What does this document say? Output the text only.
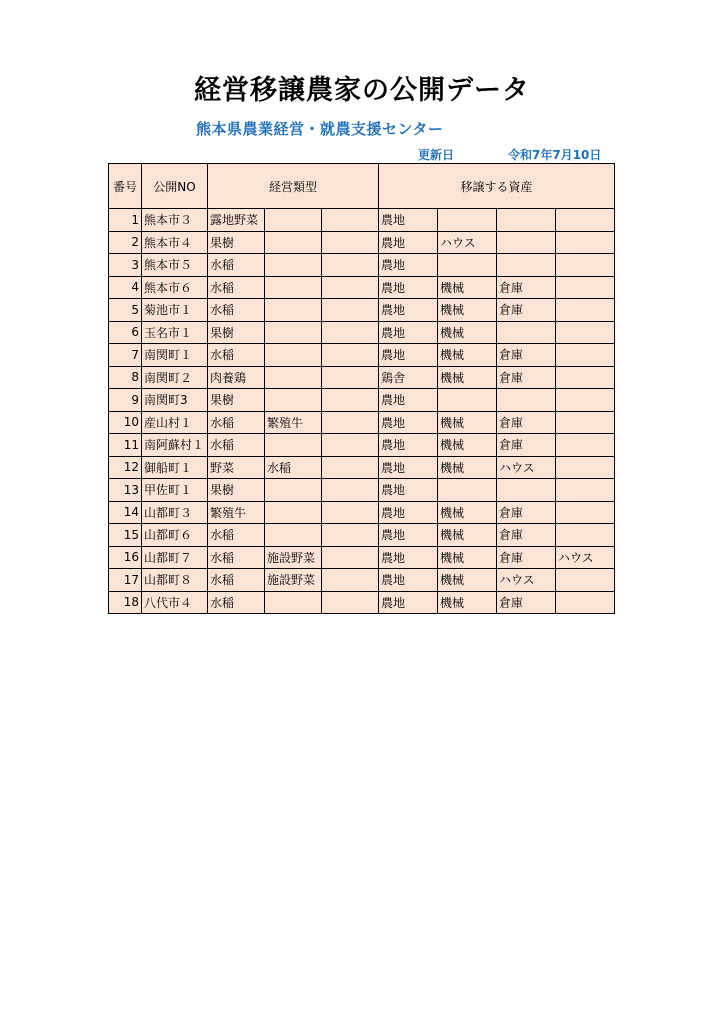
経営移譲農家の公開データ
熊本県農業経営・就農支援センター
更新日	令和7年7月10日
番号	公開NO	経営類型			移譲する資産			
1	熊本市３	露地野菜			農地			
2	熊本市４	果樹			農地	ハウス		
3	熊本市５	水稲			農地			
4	熊本市６	水稲			農地	機械	倉庫	
5	菊池市１	水稲			農地	機械	倉庫	
6	玉名市１	果樹			農地	機械		
7	南関町１	水稲			農地	機械	倉庫	
8	南関町２	肉養鶏			鶏舎	機械	倉庫	
9	南関町3	果樹			農地			
10	産山村１	水稲	繁殖牛		農地	機械	倉庫	
11	南阿蘇村１	水稲			農地	機械	倉庫	
12	御船町１	野菜	水稲		農地	機械	ハウス	
13	甲佐町１	果樹			農地			
14	山都町３	繁殖牛			農地	機械	倉庫	
15	山都町６	水稲			農地	機械	倉庫	
16	山都町７	水稲	施設野菜		農地	機械	倉庫	ハウス
17	山都町８	水稲	施設野菜		農地	機械	ハウス	
18	八代市４	水稲			農地	機械	倉庫	
